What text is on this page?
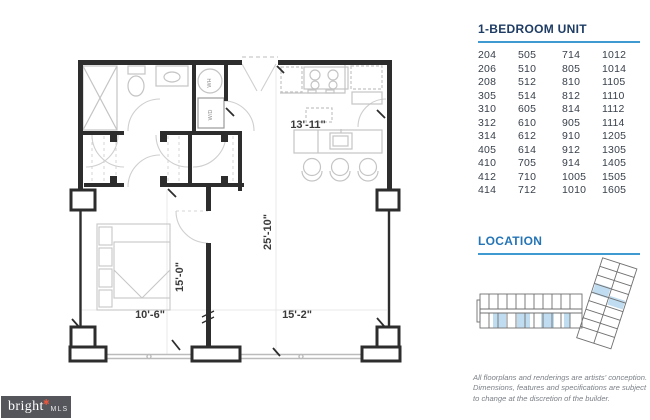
13'-11"
25'-10"
15'-0"
10'-6"	15'-2"
WH
W/D
1-BEDROOM UNIT
204	505	714	1012
206	510	805	1014
208	512	810	1105
305	514	812	1110
310	605	814	1112
312	610	905	1114
314	612	910	1205
405	614	912	1305
410	705	914	1405
412	710	1005	1505
414	712	1010	1605
LOCATION
All floorplans and renderings are artists' conception.
Dimensions, features and specifications are subject
to change at the discretion of the builder.
bright ✱
MLS
